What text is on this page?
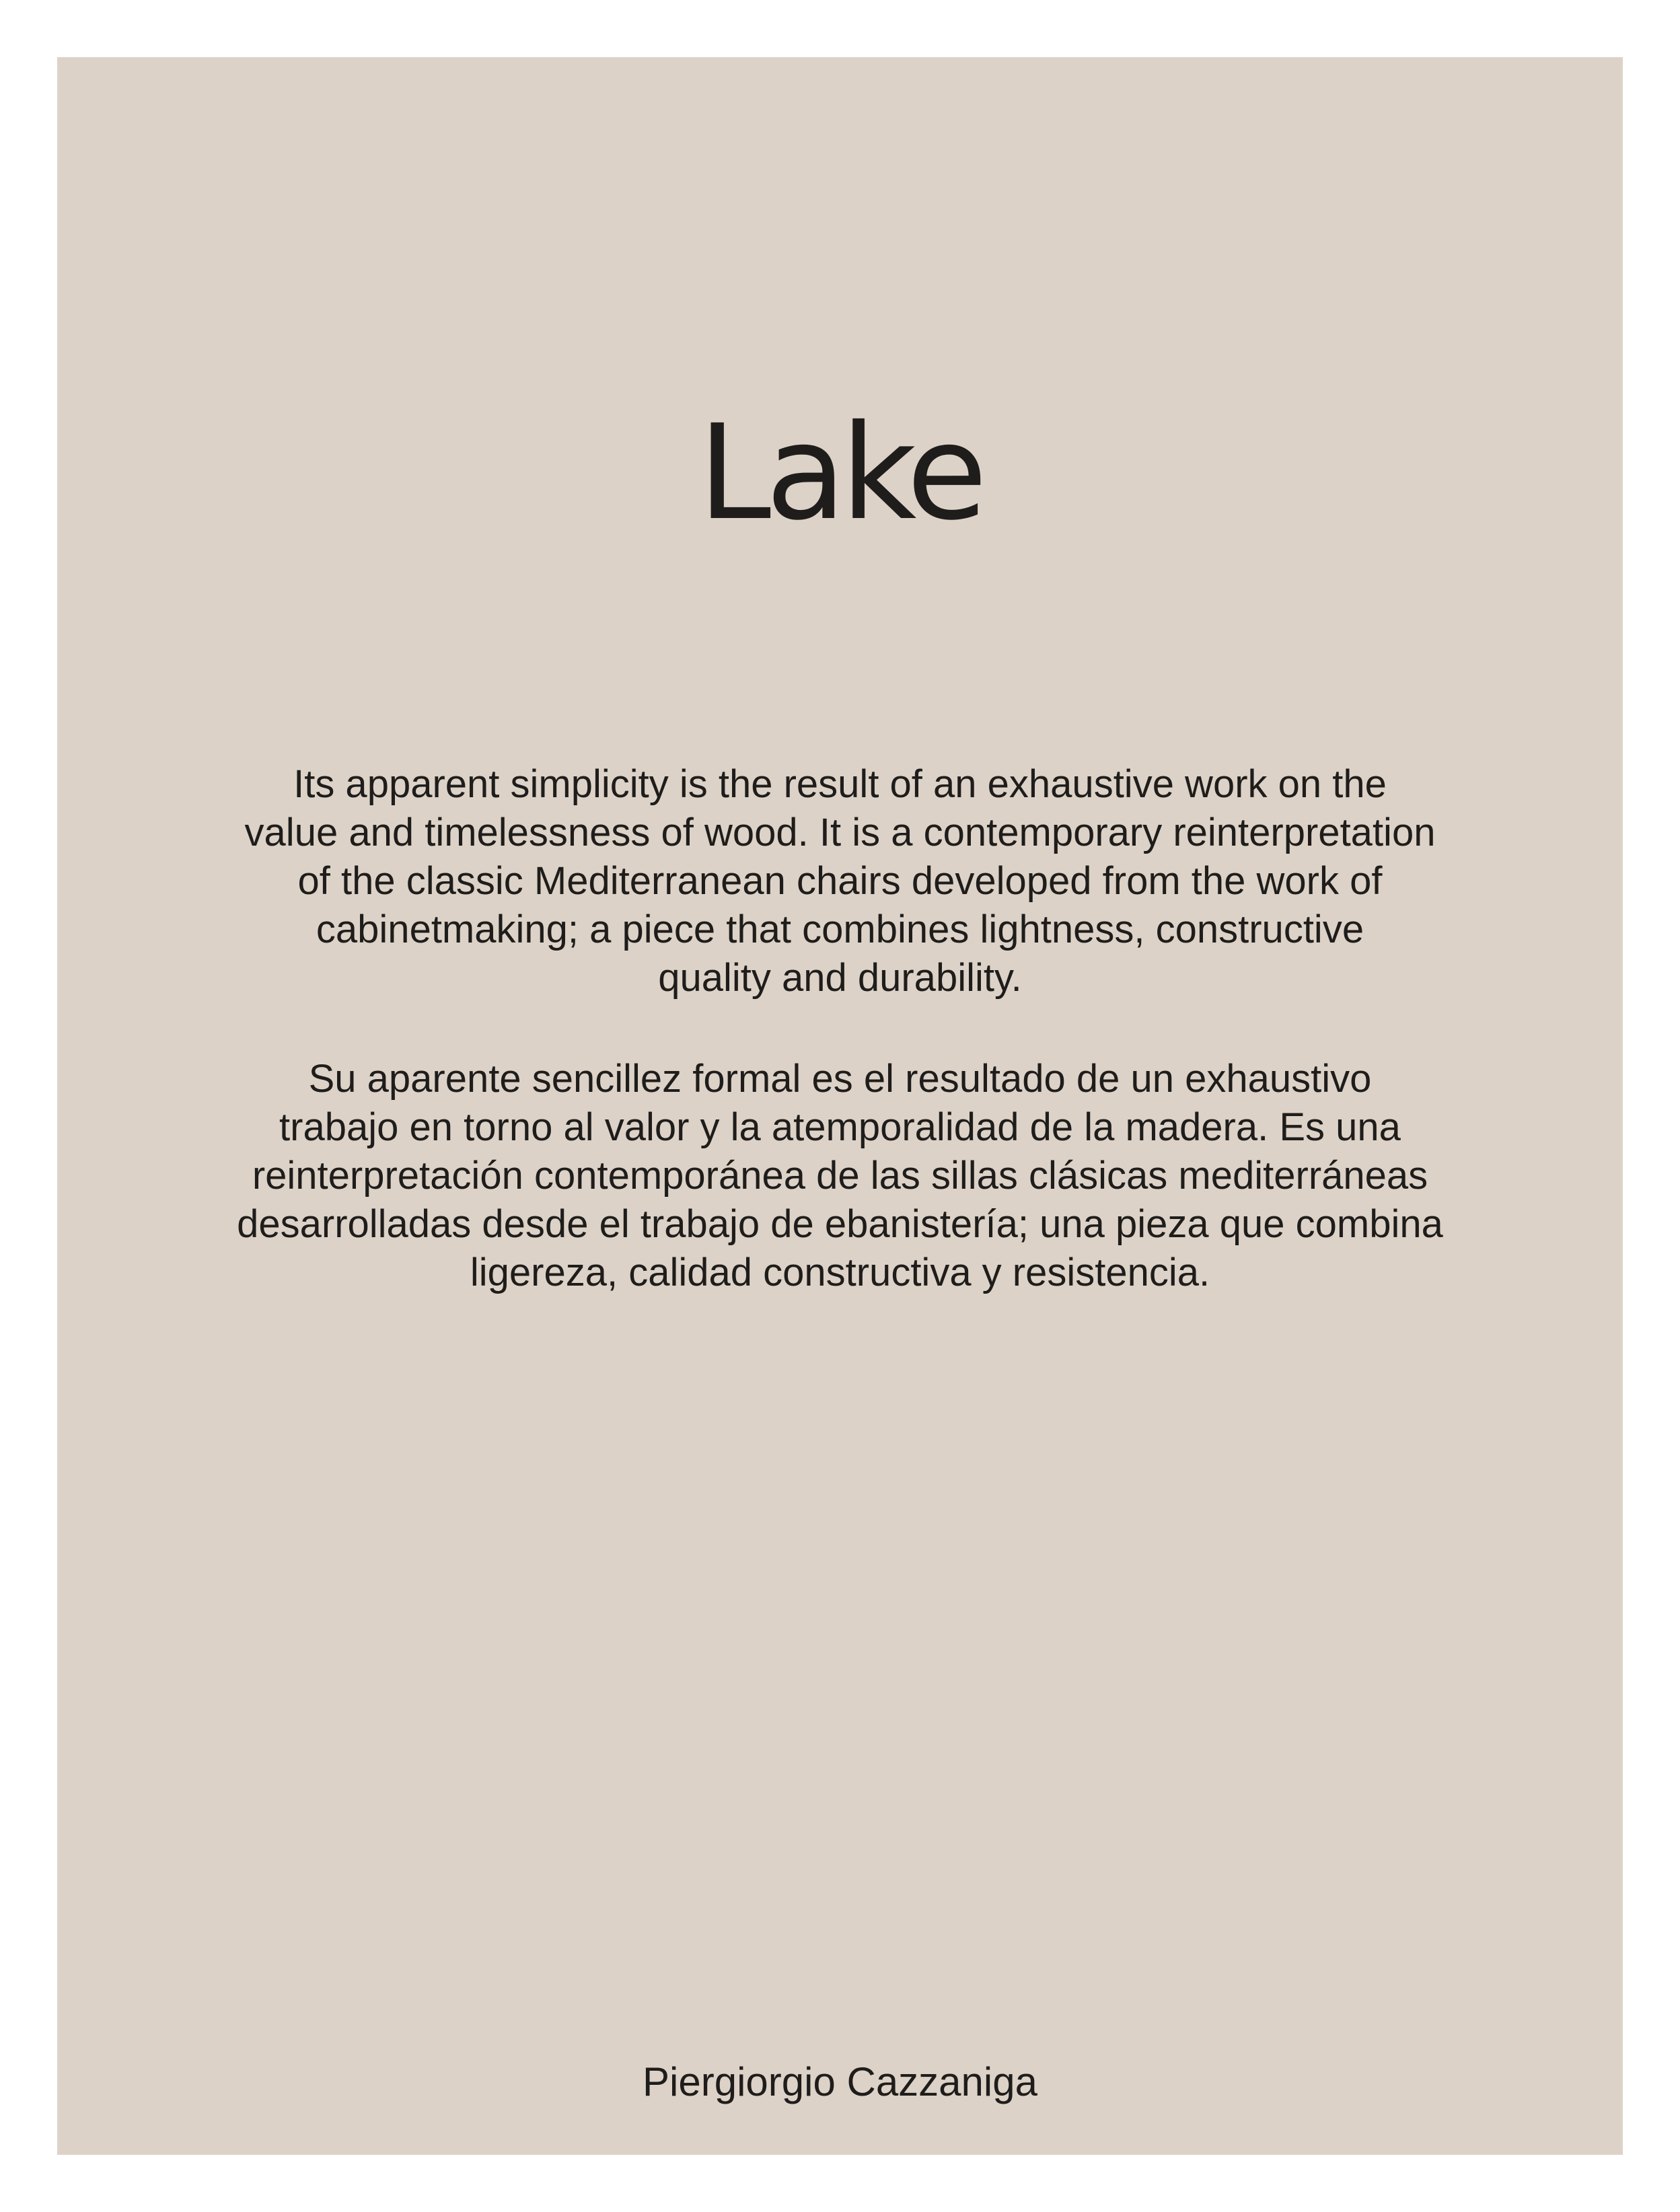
Lake

Its apparent simplicity is the result of an exhaustive work on the
value and timelessness of wood. It is a contemporary reinterpretation
of the classic Mediterranean chairs developed from the work of
cabinetmaking; a piece that combines lightness, constructive
quality and durability.

Su aparente sencillez formal es el resultado de un exhaustivo
trabajo en torno al valor y la atemporalidad de la madera. Es una
reinterpretación contemporánea de las sillas clásicas mediterráneas
desarrolladas desde el trabajo de ebanistería; una pieza que combina
ligereza, calidad constructiva y resistencia.

Piergiorgio Cazzaniga
